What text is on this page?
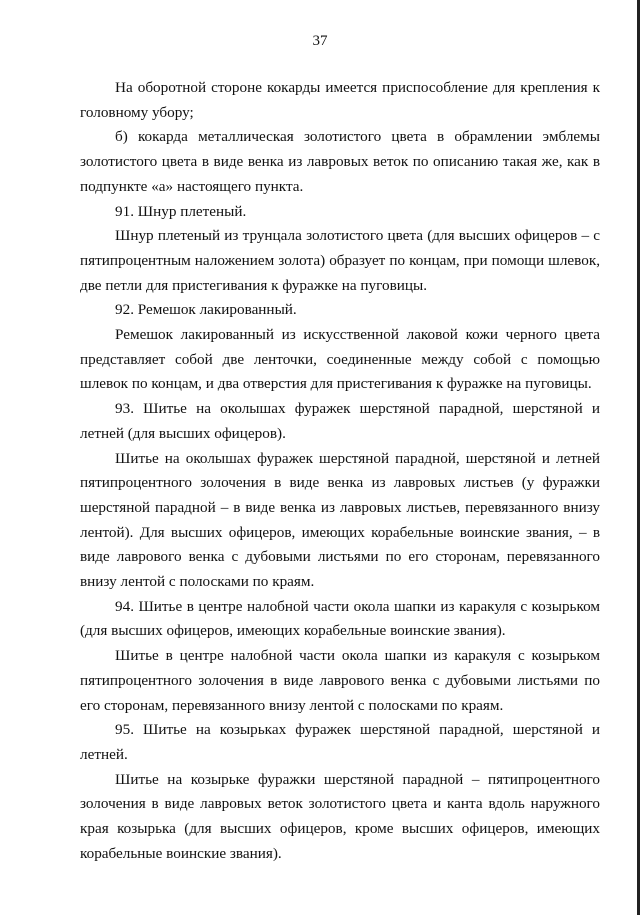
37

На оборотной стороне кокарды имеется приспособление для крепления к головному убору;

б) кокарда металлическая золотистого цвета в обрамлении эмблемы золотистого цвета в виде венка из лавровых веток по описанию такая же, как в подпункте «а» настоящего пункта.

91. Шнур плетеный.

Шнур плетеный из трунцала золотистого цвета (для высших офицеров – с пятипроцентным наложением золота) образует по концам, при помощи шлевок, две петли для пристегивания к фуражке на пуговицы.

92. Ремешок лакированный.

Ремешок лакированный из искусственной лаковой кожи черного цвета представляет собой две ленточки, соединенные между собой с помощью шлевок по концам, и два отверстия для пристегивания к фуражке на пуговицы.

93. Шитье на околышах фуражек шерстяной парадной, шерстяной и летней (для высших офицеров).

Шитье на околышах фуражек шерстяной парадной, шерстяной и летней пятипроцентного золочения в виде венка из лавровых листьев (у фуражки шерстяной парадной – в виде венка из лавровых листьев, перевязанного внизу лентой). Для высших офицеров, имеющих корабельные воинские звания, – в виде лаврового венка с дубовыми листьями по его сторонам, перевязанного внизу лентой с полосками по краям.

94. Шитье в центре налобной части окола шапки из каракуля с козырьком (для высших офицеров, имеющих корабельные воинские звания).

Шитье в центре налобной части окола шапки из каракуля с козырьком пятипроцентного золочения в виде лаврового венка с дубовыми листьями по его сторонам, перевязанного внизу лентой с полосками по краям.

95. Шитье на козырьках фуражек шерстяной парадной, шерстяной и летней.

Шитье на козырьке фуражки шерстяной парадной – пятипроцентного золочения в виде лавровых веток золотистого цвета и канта вдоль наружного края козырька (для высших офицеров, кроме высших офицеров, имеющих корабельные воинские звания).
